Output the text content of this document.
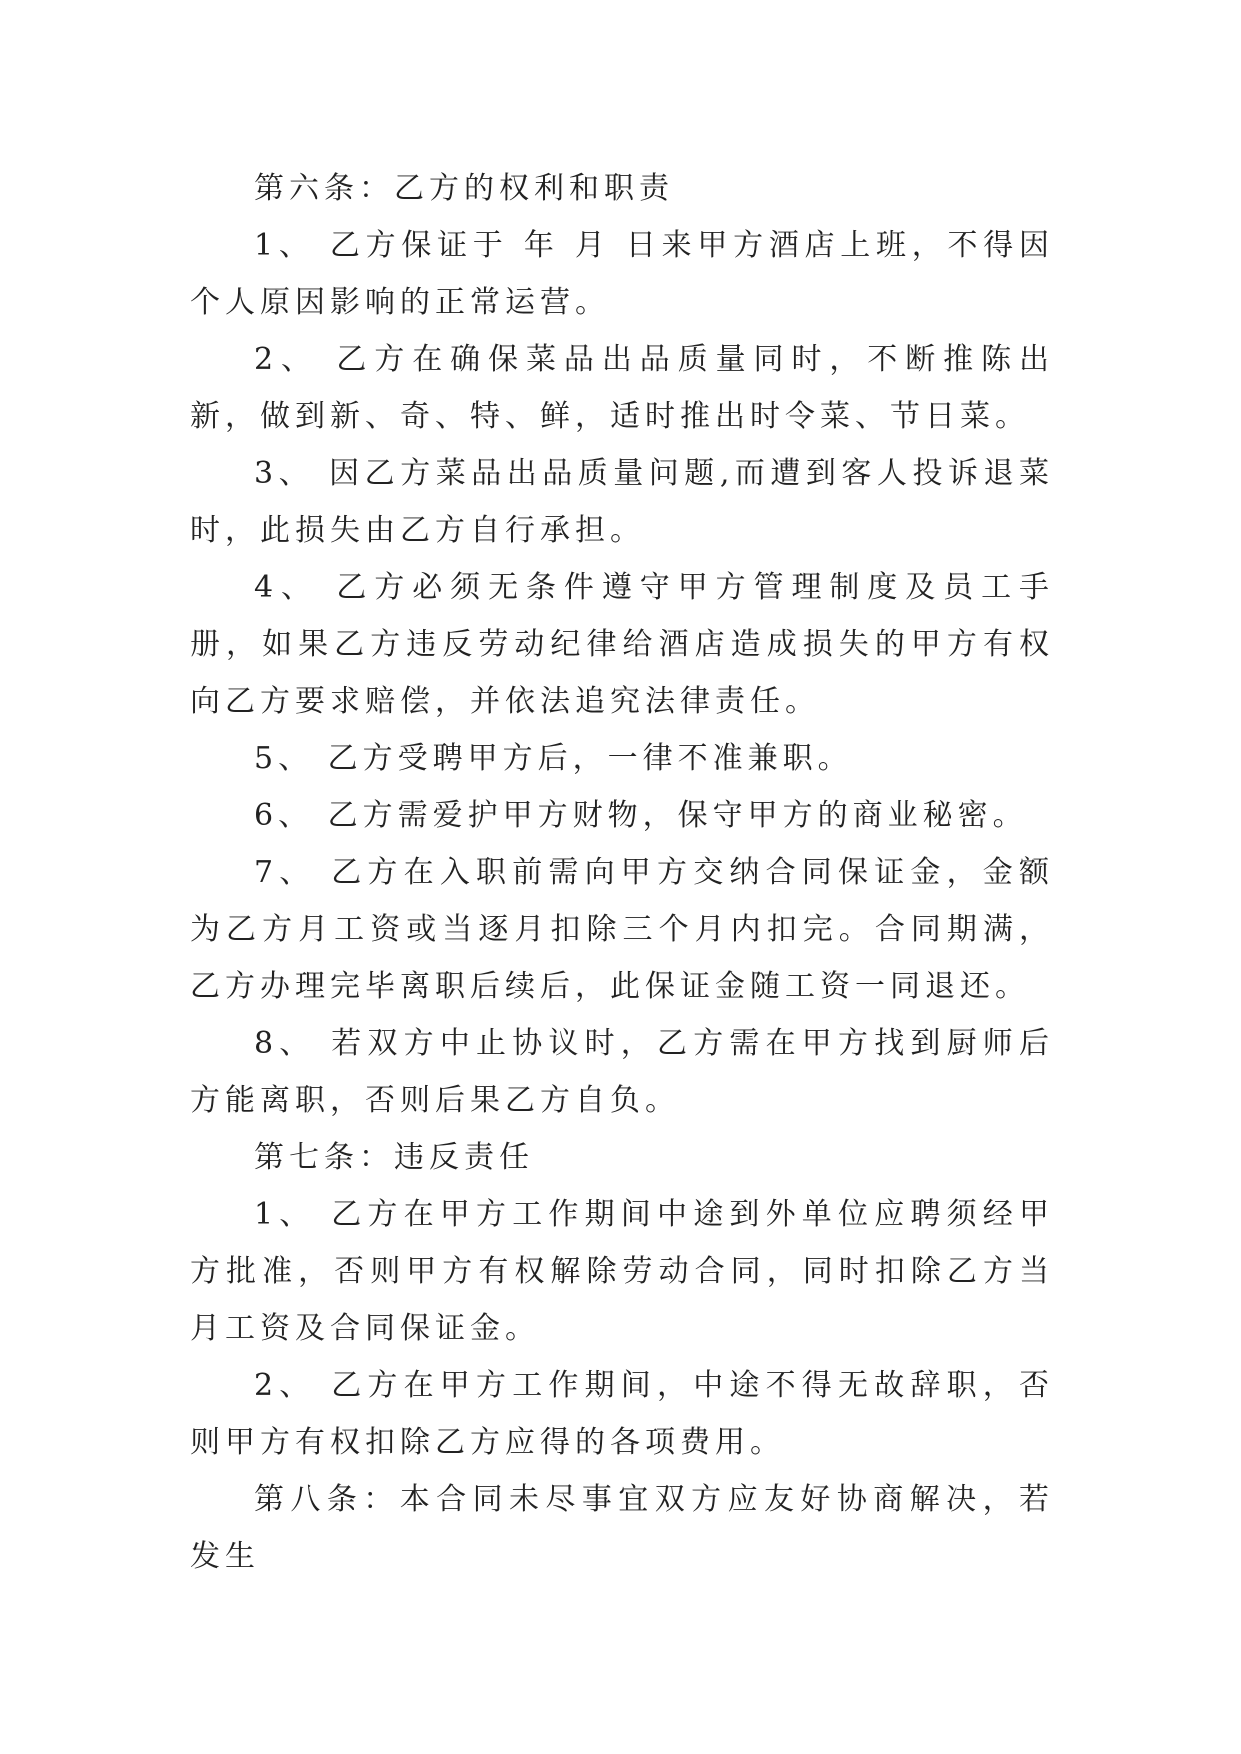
第六条：乙方的权利和职责

1、 乙方保证于 年 月 日来甲方酒店上班，不得因个人原因影响的正常运营。

2、 乙方在确保菜品出品质量同时，不断推陈出新，做到新、奇、特、鲜，适时推出时令菜、节日菜。

3、 因乙方菜品出品质量问题,而遭到客人投诉退菜时，此损失由乙方自行承担。

4、 乙方必须无条件遵守甲方管理制度及员工手册，如果乙方违反劳动纪律给酒店造成损失的甲方有权向乙方要求赔偿，并依法追究法律责任。

5、 乙方受聘甲方后，一律不准兼职。

6、 乙方需爱护甲方财物，保守甲方的商业秘密。

7、 乙方在入职前需向甲方交纳合同保证金，金额为乙方月工资或当逐月扣除三个月内扣完。合同期满，乙方办理完毕离职后续后，此保证金随工资一同退还。

8、 若双方中止协议时，乙方需在甲方找到厨师后方能离职，否则后果乙方自负。

第七条：违反责任

1、 乙方在甲方工作期间中途到外单位应聘须经甲方批准，否则甲方有权解除劳动合同，同时扣除乙方当月工资及合同保证金。

2、 乙方在甲方工作期间，中途不得无故辞职，否则甲方有权扣除乙方应得的各项费用。

第八条：本合同未尽事宜双方应友好协商解决，若发生
